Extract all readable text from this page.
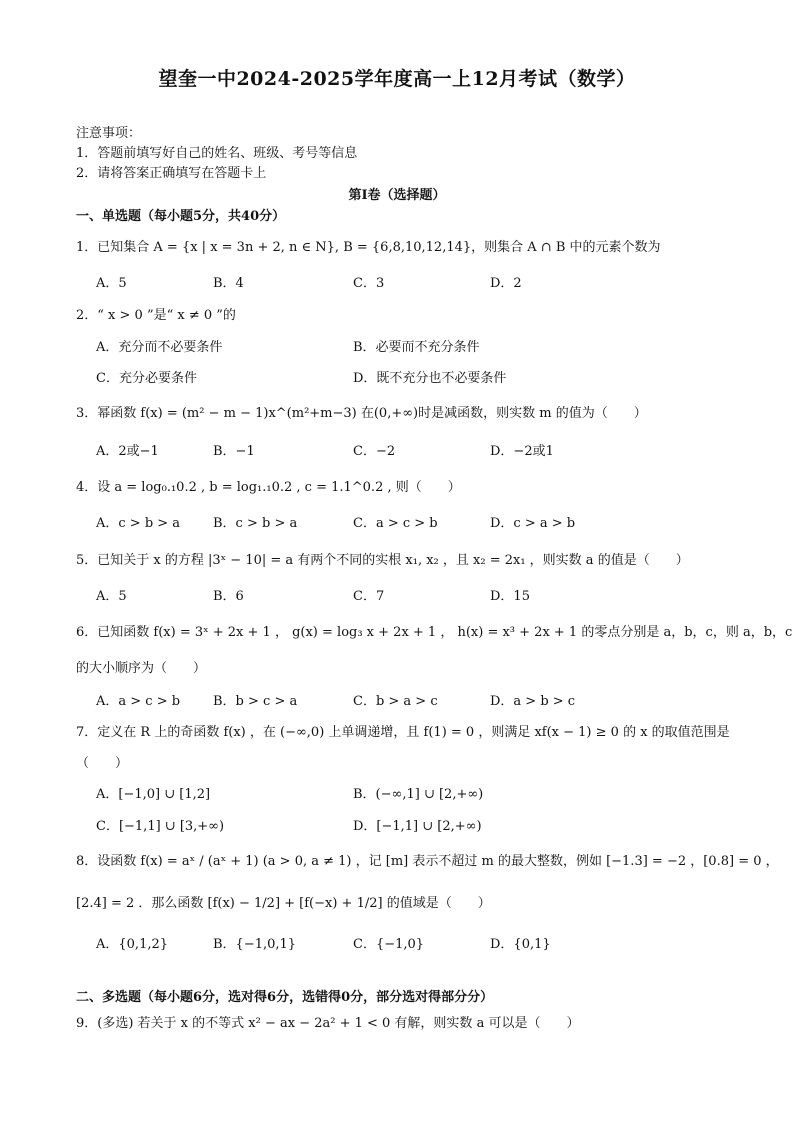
望奎一中2024-2025学年度高一上12月考试（数学）
注意事项：
1．答题前填写好自己的姓名、班级、考号等信息
2．请将答案正确填写在答题卡上
第Ⅰ卷（选择题）
一、单选题（每小题5分，共40分）
1．已知集合 A = {x | x = 3n + 2, n ∈ N}, B = {6,8,10,12,14}，则集合 A ∩ B 中的元素个数为
A．5	B．4	C．3	D．2
2．“ x > 0 ”是“ x ≠ 0 ”的
A．充分而不必要条件	B．必要而不充分条件
C．充分必要条件	D．既不充分也不必要条件
3．幂函数 f(x) = (m² − m − 1)x^(m²+m−3) 在(0,+∞)时是减函数，则实数 m 的值为（　　）
A．2或−1	B．−1	C．−2	D．−2或1
4．设 a = log₀.₁0.2 , b = log₁.₁0.2 , c = 1.1^0.2 , 则（　　）
A．c > b > a	B．c > b > a	C．a > c > b	D．c > a > b
5．已知关于 x 的方程 |3ˣ − 10| = a 有两个不同的实根 x₁, x₂ ，且 x₂ = 2x₁ ，则实数 a 的值是（　　）
A．5	B．6	C．7	D．15
6．已知函数 f(x) = 3ˣ + 2x + 1 ， g(x) = log₃ x + 2x + 1 ， h(x) = x³ + 2x + 1 的零点分别是 a，b，c，则 a，b，c
的大小顺序为（　　）
A．a > c > b	B．b > c > a	C．b > a > c	D．a > b > c
7．定义在 R 上的奇函数 f(x) ，在 (−∞,0) 上单调递增，且 f(1) = 0 ，则满足 xf(x − 1) ≥ 0 的 x 的取值范围是
（　　）
A．[−1,0] ∪ [1,2]	B．(−∞,1] ∪ [2,+∞)
C．[−1,1] ∪ [3,+∞)	D．[−1,1] ∪ [2,+∞)
8．设函数 f(x) = aˣ / (aˣ + 1) (a > 0, a ≠ 1) ，记 [m] 表示不超过 m 的最大整数，例如 [−1.3] = −2 ，[0.8] = 0 ，
[2.4] = 2 ．那么函数 [f(x) − 1/2] + [f(−x) + 1/2] 的值域是（　　）
A．{0,1,2}	B．{−1,0,1}	C．{−1,0}	D．{0,1}
二、多选题（每小题6分，选对得6分，选错得0分，部分选对得部分分）
9．(多选) 若关于 x 的不等式 x² − ax − 2a² + 1 < 0 有解，则实数 a 可以是（　　）
